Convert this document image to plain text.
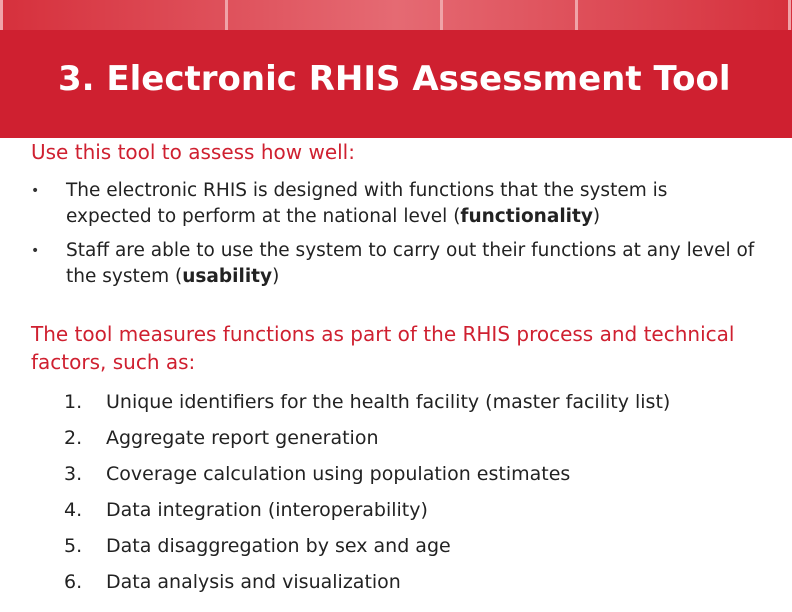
3. Electronic RHIS Assessment Tool

Use this tool to assess how well:

• The electronic RHIS is designed with functions that the system is expected to perform at the national level (functionality)
• Staff are able to use the system to carry out their functions at any level of the system (usability)

The tool measures functions as part of the RHIS process and technical factors, such as:

1. Unique identifiers for the health facility (master facility list)
2. Aggregate report generation
3. Coverage calculation using population estimates
4. Data integration (interoperability)
5. Data disaggregation by sex and age
6. Data analysis and visualization
